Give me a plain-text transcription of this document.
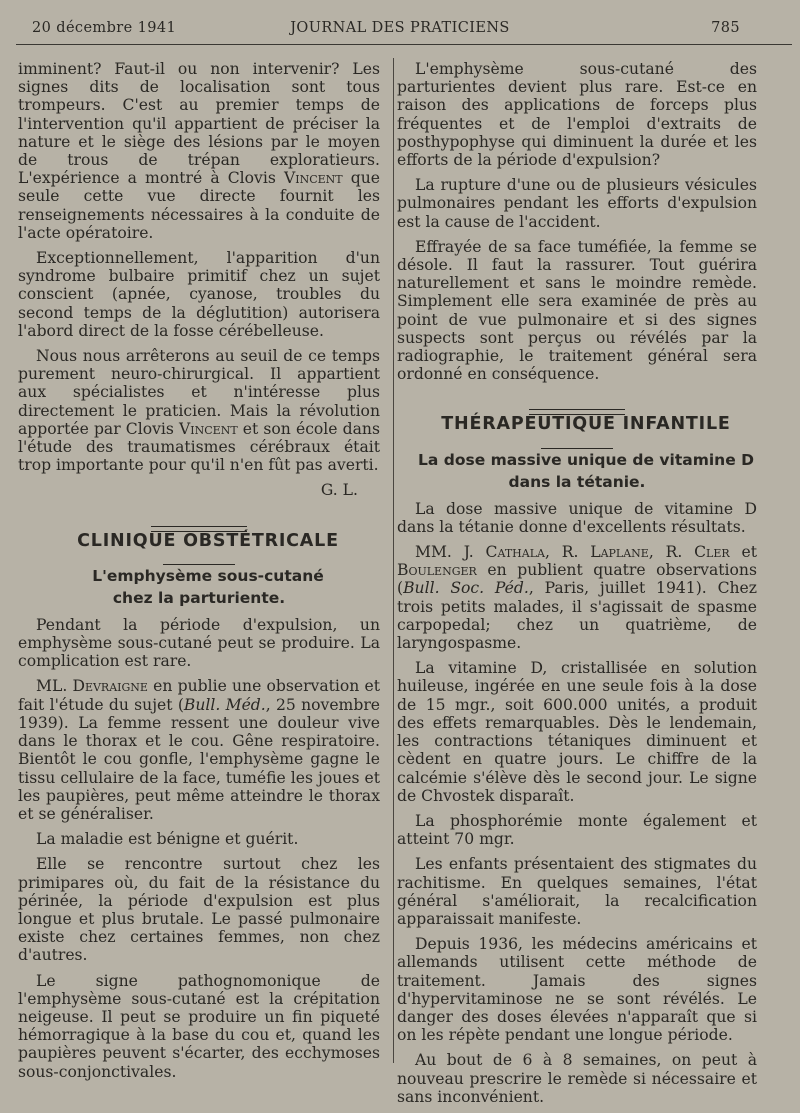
20 décembre 1941	JOURNAL DES PRATICIENS	785

imminent? Faut-il ou non intervenir? Les signes dits de localisation sont tous trompeurs. C'est au premier temps de l'intervention qu'il appartient de préciser la nature et le siège des lésions par le moyen de trous de trépan exploratieurs. L'expérience a montré à Clovis Vincent que seule cette vue directe fournit les renseignements nécessaires à la conduite de l'acte opératoire.

Exceptionnellement, l'apparition d'un syndrome bulbaire primitif chez un sujet conscient (apnée, cyanose, troubles du second temps de la déglutition) autorisera l'abord direct de la fosse cérébelleuse.

Nous nous arrêterons au seuil de ce temps purement neuro-chirurgical. Il appartient aux spécialistes et n'intéresse plus directement le praticien. Mais la révolution apportée par Clovis Vincent et son école dans l'étude des traumatismes cérébraux était trop importante pour qu'il n'en fût pas averti.

G. L.

CLINIQUE OBSTÉTRICALE

L'emphysème sous-cutané
chez la parturiente.

Pendant la période d'expulsion, un emphysème sous-cutané peut se produire. La complication est rare.

ML. Devraigne en publie une observation et fait l'étude du sujet (Bull. Méd., 25 novembre 1939). La femme ressent une douleur vive dans le thorax et le cou. Gêne respiratoire. Bientôt le cou gonfle, l'emphysème gagne le tissu cellulaire de la face, tuméfie les joues et les paupières, peut même atteindre le thorax et se généraliser.

La maladie est bénigne et guérit.

Elle se rencontre surtout chez les primipares où, du fait de la résistance du périnée, la période d'expulsion est plus longue et plus brutale. Le passé pulmonaire existe chez certaines femmes, non chez d'autres.

Le signe pathognomonique de l'emphysème sous-cutané est la crépitation neigeuse. Il peut se produire un fin piqueté hémorragique à la base du cou et, quand les paupières peuvent s'écarter, des ecchymoses sous-conjonctivales.

L'emphysème sous-cutané des parturientes devient plus rare. Est-ce en raison des applications de forceps plus fréquentes et de l'emploi d'extraits de posthypophyse qui diminuent la durée et les efforts de la période d'expulsion?

La rupture d'une ou de plusieurs vésicules pulmonaires pendant les efforts d'expulsion est la cause de l'accident.

Effrayée de sa face tuméfiée, la femme se désole. Il faut la rassurer. Tout guérira naturellement et sans le moindre remède. Simplement elle sera examinée de près au point de vue pulmonaire et si des signes suspects sont perçus ou révélés par la radiographie, le traitement général sera ordonné en conséquence.

THÉRAPEUTIQUE INFANTILE

La dose massive unique de vitamine D
dans la tétanie.

La dose massive unique de vitamine D dans la tétanie donne d'excellents résultats.

MM. J. Cathala, R. Laplane, R. Cler et Boulenger en publient quatre observations (Bull. Soc. Péd., Paris, juillet 1941). Chez trois petits malades, il s'agissait de spasme carpopedal; chez un quatrième, de laryngospasme.

La vitamine D, cristallisée en solution huileuse, ingérée en une seule fois à la dose de 15 mgr., soit 600.000 unités, a produit des effets remarquables. Dès le lendemain, les contractions tétaniques diminuent et cèdent en quatre jours. Le chiffre de la calcémie s'élève dès le second jour. Le signe de Chvostek disparaît.

La phosphorémie monte également et atteint 70 mgr.

Les enfants présentaient des stigmates du rachitisme. En quelques semaines, l'état général s'améliorait, la recalcification apparaissait manifeste.

Depuis 1936, les médecins américains et allemands utilisent cette méthode de traitement. Jamais des signes d'hypervitaminose ne se sont révélés. Le danger des doses élevées n'apparaît que si on les répète pendant une longue période.

Au bout de 6 à 8 semaines, on peut à nouveau prescrire le remède si nécessaire et sans inconvénient.
